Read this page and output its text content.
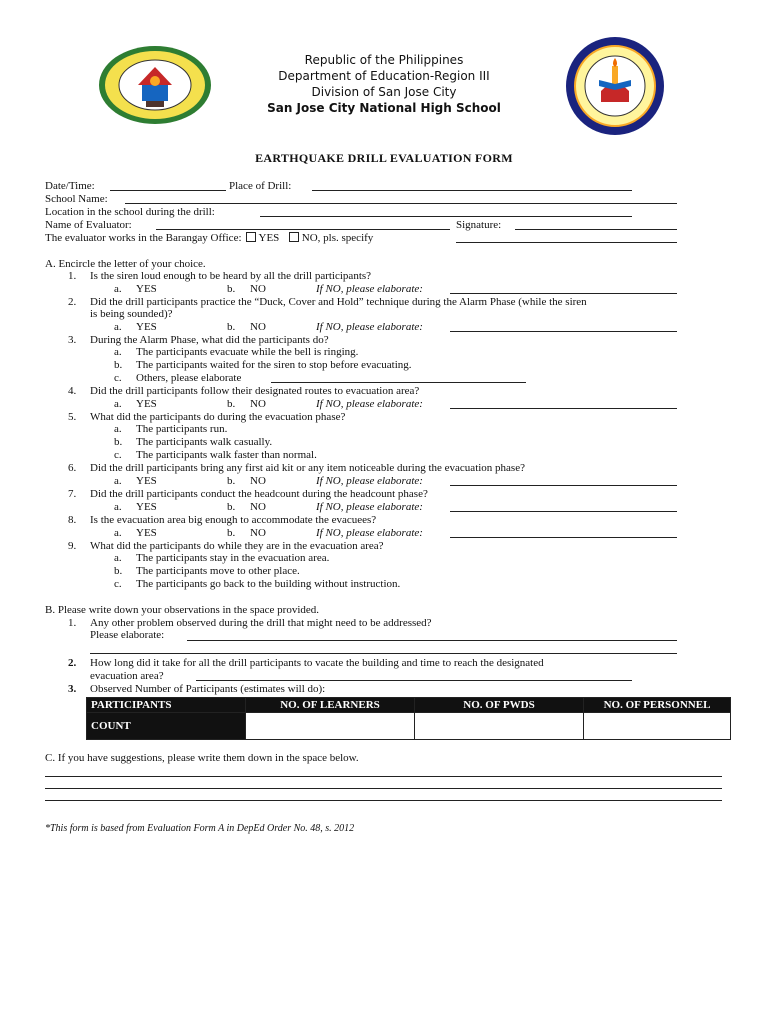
Republic of the Philippines
Department of Education-Region III
Division of San Jose City
San Jose City National High School
EARTHQUAKE DRILL EVALUATION FORM
Date/Time:	Place of Drill:
School Name:
Location in the school during the drill:
Name of Evaluator:	Signature:
The evaluator works in the Barangay Office: YES NO, pls. specify
A. Encircle the letter of your choice.
1. Is the siren loud enough to be heard by all the drill participants?
a. YES	b. NO	If NO, please elaborate:
2. Did the drill participants practice the “Duck, Cover and Hold” technique during the Alarm Phase (while the siren
is being sounded)?
a. YES	b. NO	If NO, please elaborate:
3. During the Alarm Phase, what did the participants do?
a. The participants evacuate while the bell is ringing.
b. The participants waited for the siren to stop before evacuating.
c. Others, please elaborate
4. Did the drill participants follow their designated routes to evacuation area?
a. YES	b. NO	If NO, please elaborate:
5. What did the participants do during the evacuation phase?
a. The participants run.
b. The participants walk casually.
c. The participants walk faster than normal.
6. Did the drill participants bring any first aid kit or any item noticeable during the evacuation phase?
a. YES	b. NO	If NO, please elaborate:
7. Did the drill participants conduct the headcount during the headcount phase?
a. YES	b. NO	If NO, please elaborate:
8. Is the evacuation area big enough to accommodate the evacuees?
a. YES	b. NO	If NO, please elaborate:
9. What did the participants do while they are in the evacuation area?
a. The participants stay in the evacuation area.
b. The participants move to other place.
c. The participants go back to the building without instruction.
B. Please write down your observations in the space provided.
1. Any other problem observed during the drill that might need to be addressed?
Please elaborate:
2. How long did it take for all the drill participants to vacate the building and time to reach the designated
evacuation area?
3. Observed Number of Participants (estimates will do):
PARTICIPANTS	NO. OF LEARNERS	NO. OF PWDS	NO. OF PERSONNEL
COUNT			
C. If you have suggestions, please write them down in the space below.
*This form is based from Evaluation Form A in DepEd Order No. 48, s. 2012
